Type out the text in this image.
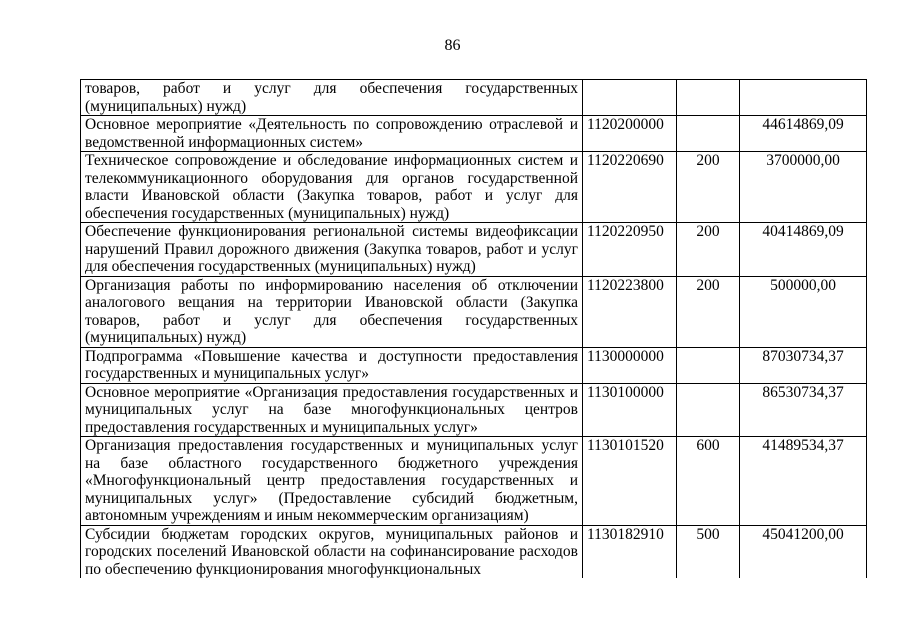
86
товаров, работ и услуг для обеспечения государственных (муниципальных) нужд)			
Основное мероприятие «Деятельность по сопровождению отраслевой и ведомственной информационных систем»	1120200000		44614869,09
Техническое сопровождение и обследование информационных систем и телекоммуникационного оборудования для органов государственной власти Ивановской области (Закупка товаров, работ и услуг для обеспечения государственных (муниципальных) нужд)	1120220690	200	3700000,00
Обеспечение функционирования региональной системы видеофиксации нарушений Правил дорожного движения (Закупка товаров, работ и услуг для обеспечения государственных (муниципальных) нужд)	1120220950	200	40414869,09
Организация работы по информированию населения об отключении аналогового вещания на территории Ивановской области (Закупка товаров, работ и услуг для обеспечения государственных (муниципальных) нужд)	1120223800	200	500000,00
Подпрограмма «Повышение качества и доступности предоставления государственных и муниципальных услуг»	1130000000		87030734,37
Основное мероприятие «Организация предоставления государственных и муниципальных услуг на базе многофункциональных центров предоставления государственных и муниципальных услуг»	1130100000		86530734,37
Организация предоставления государственных и муниципальных услуг на базе областного государственного бюджетного учреждения «Многофункциональный центр предоставления государственных и муниципальных услуг» (Предоставление субсидий бюджетным, автономным учреждениям и иным некоммерческим организациям)	1130101520	600	41489534,37

Субсидии бюджетам городских округов, муниципальных районов и городских поселений Ивановской области на софинансирование расходов по обеспечению функционирования многофункциональных	1130182910	500	45041200,00
